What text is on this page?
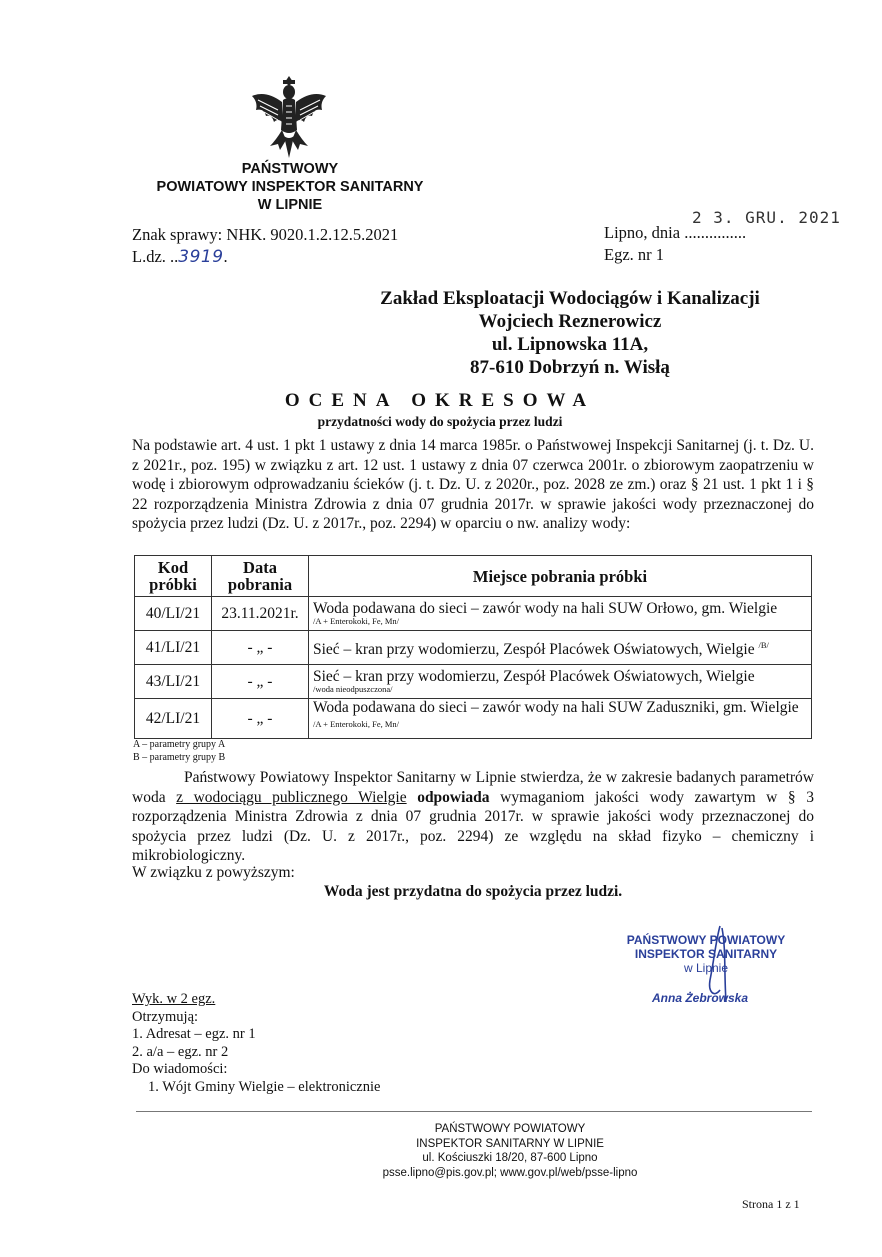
PAŃSTWOWY
POWIATOWY INSPEKTOR SANITARNY
W LIPNIE
Znak sprawy: NHK. 9020.1.2.12.5.2021
L.dz. ..3919.
2 3. GRU. 2021
Lipno, dnia ...............
Egz. nr 1
Zakład Eksploatacji Wodociągów i Kanalizacji
Wojciech Reznerowicz
ul. Lipnowska 11A,
87-610 Dobrzyń n. Wisłą
OCENA OKRESOWA
przydatności wody do spożycia przez ludzi
Na podstawie art. 4 ust. 1 pkt 1 ustawy z dnia 14 marca 1985r. o Państwowej Inspekcji Sanitarnej (j. t. Dz. U. z 2021r., poz. 195) w związku z art. 12 ust. 1 ustawy z dnia 07 czerwca 2001r. o zbiorowym zaopatrzeniu w wodę i zbiorowym odprowadzaniu ścieków (j. t. Dz. U. z 2020r., poz. 2028 ze zm.) oraz § 21 ust. 1 pkt 1 i § 22 rozporządzenia Ministra Zdrowia z dnia 07 grudnia 2017r. w sprawie jakości wody przeznaczonej do spożycia przez ludzi (Dz. U. z 2017r., poz. 2294) w oparciu o nw. analizy wody:
Kod próbki	Data pobrania	Miejsce pobrania próbki
40/LI/21	23.11.2021r.	Woda podawana do sieci – zawór wody na hali SUW Orłowo, gm. Wielgie
/A + Enterokoki, Fe, Mn/

41/LI/21	- „ -	Sieć – kran przy wodomierzu, Zespół Placówek Oświatowych, Wielgie $^{/B/}$
43/LI/21	- „ -	Sieć – kran przy wodomierzu, Zespół Placówek Oświatowych, Wielgie
/woda nieodpuszczona/

42/LI/21	- „ -	Woda podawana do sieci – zawór wody na hali SUW Zaduszniki, gm. Wielgie $^{/A + Enterokoki, Fe, Mn/}$
A – parametry grupy A
B – parametry grupy B
Państwowy Powiatowy Inspektor Sanitarny w Lipnie stwierdza, że w zakresie badanych parametrów woda z wodociągu publicznego Wielgie odpowiada wymaganiom jakości wody zawartym w § 3 rozporządzenia Ministra Zdrowia z dnia 07 grudnia 2017r. w sprawie jakości wody przeznaczonej do spożycia przez ludzi (Dz. U. z 2017r., poz. 2294) ze względu na skład fizyko – chemiczny i mikrobiologiczny.
W związku z powyższym:
Woda jest przydatna do spożycia przez ludzi.
PAŃSTWOWY POWIATOWY
INSPEKTOR SANITARNY
w Lipnie
Anna Żebrowska
Wyk. w 2 egz.
Otrzymują:
1. Adresat – egz. nr 1
2. a/a – egz. nr 2
Do wiadomości:
1. Wójt Gminy Wielgie – elektronicznie
PAŃSTWOWY POWIATOWY
INSPEKTOR SANITARNY W LIPNIE
ul. Kościuszki 18/20, 87-600 Lipno
psse.lipno@pis.gov.pl; www.gov.pl/web/psse-lipno
Strona 1 z 1
